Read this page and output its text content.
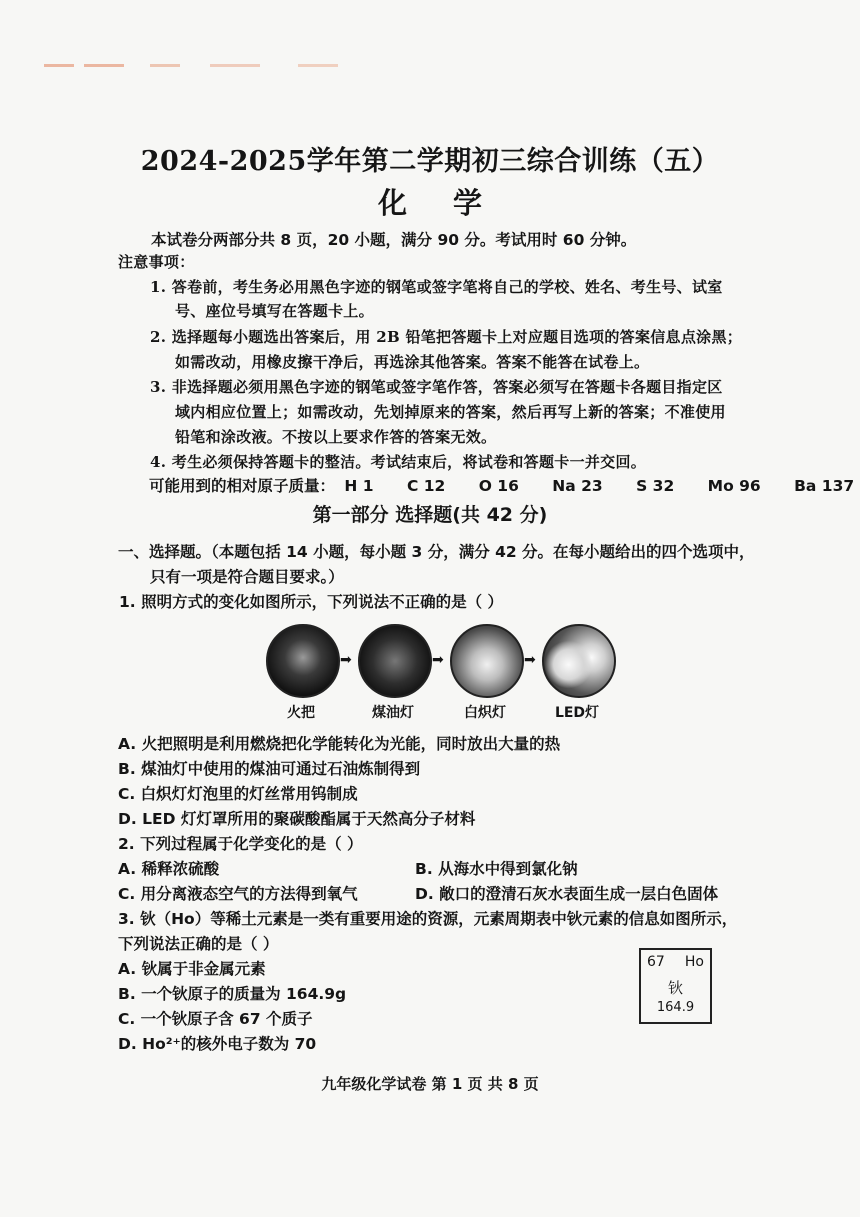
2024-2025学年第二学期初三综合训练（五）
化 学
本试卷分两部分共 8 页，20 小题，满分 90 分。考试用时 60 分钟。
注意事项：
1. 答卷前，考生务必用黑色字迹的钢笔或签字笔将自己的学校、姓名、考生号、试室
号、座位号填写在答题卡上。
2. 选择题每小题选出答案后，用 2B 铅笔把答题卡上对应题目选项的答案信息点涂黑；
如需改动，用橡皮擦干净后，再选涂其他答案。答案不能答在试卷上。
3. 非选择题必须用黑色字迹的钢笔或签字笔作答，答案必须写在答题卡各题目指定区
域内相应位置上；如需改动，先划掉原来的答案，然后再写上新的答案；不准使用
铅笔和涂改液。不按以上要求作答的答案无效。
4. 考生必须保持答题卡的整洁。考试结束后，将试卷和答题卡一并交回。
可能用到的相对原子质量： H 1 C 12 O 16 Na 23 S 32 Mo 96 Ba 137
第一部分 选择题(共 42 分)
一、选择题。（本题包括 14 小题，每小题 3 分，满分 42 分。在每小题给出的四个选项中，
只有一项是符合题目要求。）
1. 照明方式的变化如图所示，下列说法不正确的是（ ）
➡	➡	➡
火把	煤油灯	白炽灯	LED灯
A. 火把照明是利用燃烧把化学能转化为光能，同时放出大量的热
B. 煤油灯中使用的煤油可通过石油炼制得到
C. 白炽灯灯泡里的灯丝常用钨制成
D. LED 灯灯罩所用的聚碳酸酯属于天然高分子材料
2. 下列过程属于化学变化的是（ ）
A. 稀释浓硫酸	B. 从海水中得到氯化钠
C. 用分离液态空气的方法得到氧气	D. 敞口的澄清石灰水表面生成一层白色固体
3. 钬（Ho）等稀土元素是一类有重要用途的资源，元素周期表中钬元素的信息如图所示，
下列说法正确的是（ ）
A. 钬属于非金属元素
B. 一个钬原子的质量为 164.9g
C. 一个钬原子含 67 个质子
D. Ho²⁺的核外电子数为 70
67 Ho
钬
164.9
九年级化学试卷 第 1 页 共 8 页
